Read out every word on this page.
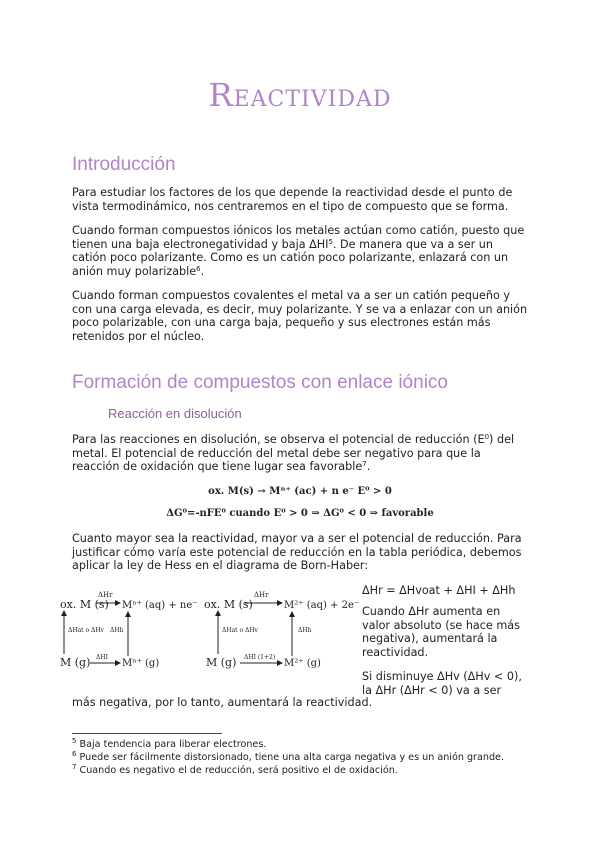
Reactividad
Introducción
Para estudiar los factores de los que depende la reactividad desde el punto de vista termodinámico, nos centraremos en el tipo de compuesto que se forma.
Cuando forman compuestos iónicos los metales actúan como catión, puesto que tienen una baja electronegatividad y baja ΔHI$^5$. De manera que va a ser un catión poco polarizante. Como es un catión poco polarizante, enlazará con un anión muy polarizable$^6$.
Cuando forman compuestos covalentes el metal va a ser un catión pequeño y con una carga elevada, es decir, muy polarizante. Y se va a enlazar con un anión poco polarizable, con una carga baja, pequeño y sus electrones están más retenidos por el núcleo.
Formación de compuestos con enlace iónico
Reacción en disolución
Para las reacciones en disolución, se observa el potencial de reducción $(E^0)$ del metal. El potencial de reducción del metal debe ser negativo para que la reacción de oxidación que tiene lugar sea favorable$^7$.
ox. M(s) → Mⁿ⁺ (ac) + n e⁻ E⁰ > 0
ΔG⁰=-nFE⁰ cuando E⁰ > 0 ⇒ ΔG⁰ < 0 ⇒ favorable
Cuanto mayor sea la reactividad, mayor va a ser el potencial de reducción. Para justificar cómo varía este potencial de reducción en la tabla periódica, debemos aplicar la ley de Hess en el diagrama de Born-Haber:
ox. M (s)
ΔHr
Mⁿ⁺ (aq) + ne⁻
ΔHat o ΔHv ΔHh
M (g) ΔHI
Mⁿ⁺ (g)
ox. M (s)
ΔHr
M²⁺ (aq) + 2e⁻
ΔHat o ΔHv	ΔHh
M (g) ΔHI (1+2)
M²⁺ (g)
ΔHr = ΔHvoat + ΔHI + ΔHh
Cuando ΔHr aumenta en valor absoluto (se hace más negativa), aumentará la reactividad.
Si disminuye ΔHv (ΔHv < 0), la ΔHr (ΔHr < 0) va a ser
más negativa, por lo tanto, aumentará la reactividad.
$^5$ Baja tendencia para liberar electrones.
$^6$ Puede ser fácilmente distorsionado, tiene una alta carga negativa y es un anión grande.
$^7$ Cuando es negativo el de reducción, será positivo el de oxidación.
